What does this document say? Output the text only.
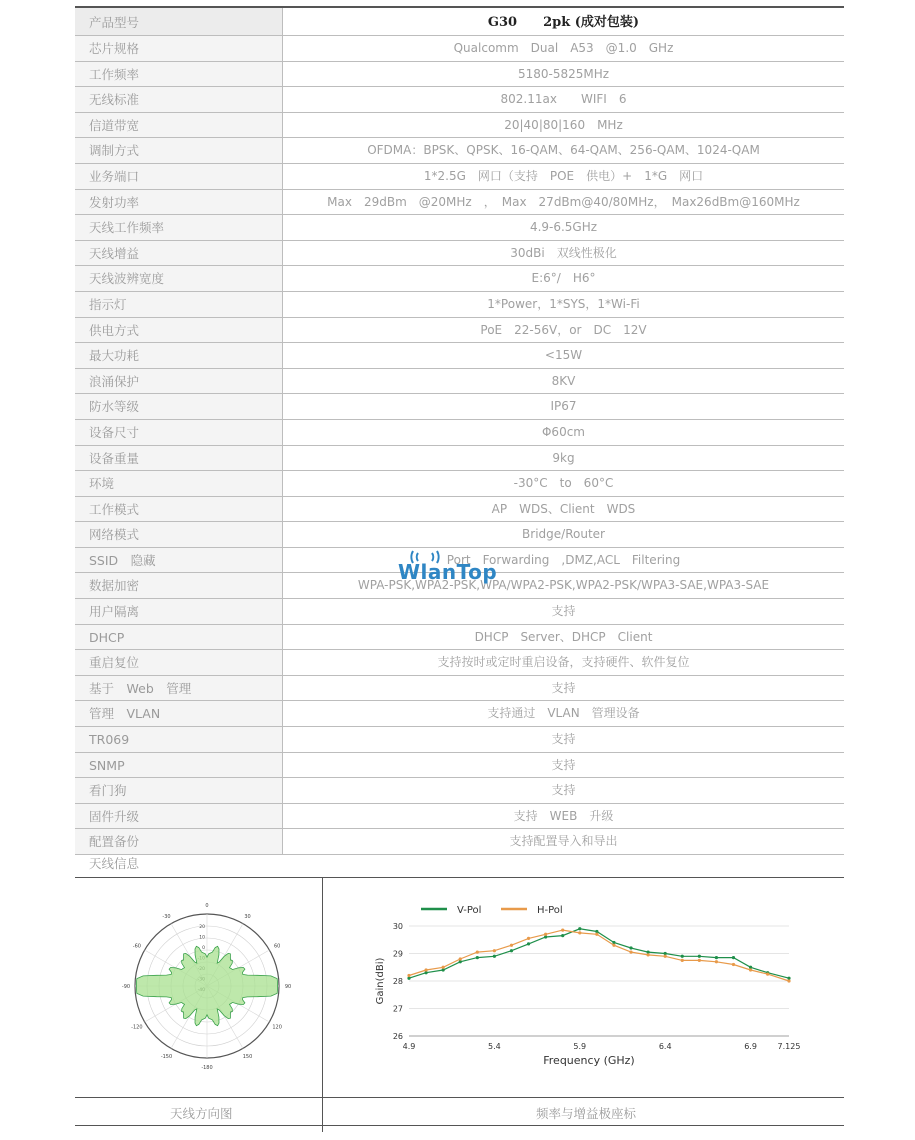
产品型号	G30　　2pk (成对包装)
芯片规格	Qualcomm　Dual　A53　@1.0　GHz
工作频率	5180-5825MHz
无线标准	802.11ax　　WIFI　6
信道带宽	20|40|80|160　MHz
调制方式	OFDMA：BPSK、QPSK、16-QAM、64-QAM、256-QAM、1024-QAM
业务端口	1*2.5G　网口（支持　POE　供电）+　1*G　网口
发射功率	Max　29dBm　@20MHz　，　Max　27dBm@40/80MHz，　Max26dBm@160MHz
天线工作频率	4.9-6.5GHz
天线增益	30dBi　双线性极化
天线波辨宽度	E:6°/　H6°
指示灯	1*Power，1*SYS，1*Wi-Fi
供电方式	PoE　22-56V，or　DC　12V
最大功耗	<15W
浪涌保护	8KV
防水等级	IP67
设备尺寸	Φ60cm
设备重量	9kg
环境	-30°C　to　60°C
工作模式	AP　WDS、Client　WDS
网络模式	Bridge/Router
SSID　隐藏	Port　Forwarding　,DMZ,ACL　Filtering
数据加密	WPA-PSK,WPA2-PSK,WPA/WPA2-PSK,WPA2-PSK/WPA3-SAE,WPA3-SAE
用户隔离	支持
DHCP	DHCP　Server、DHCP　Client
重启复位	支持按时或定时重启设备，支持硬件、软件复位
基于　Web　管理	支持
管理　VLAN	支持通过　VLAN　管理设备
TR069	支持
SNMP	支持
看门狗	支持
固件升级	支持　WEB　升级
配置备份	支持配置导入和导出
天线信息
0
30
60
90
120
150
-180
-150
-120
-90
-60
-30
20
10
0
26
27
28
29
30
4.9	5.4	5.9	6.4	6.9	7.125
Frequency (GHz)
Gain(dBi)
V-Pol	H-Pol
天线方向图	频率与增益极座标
WlanTop
